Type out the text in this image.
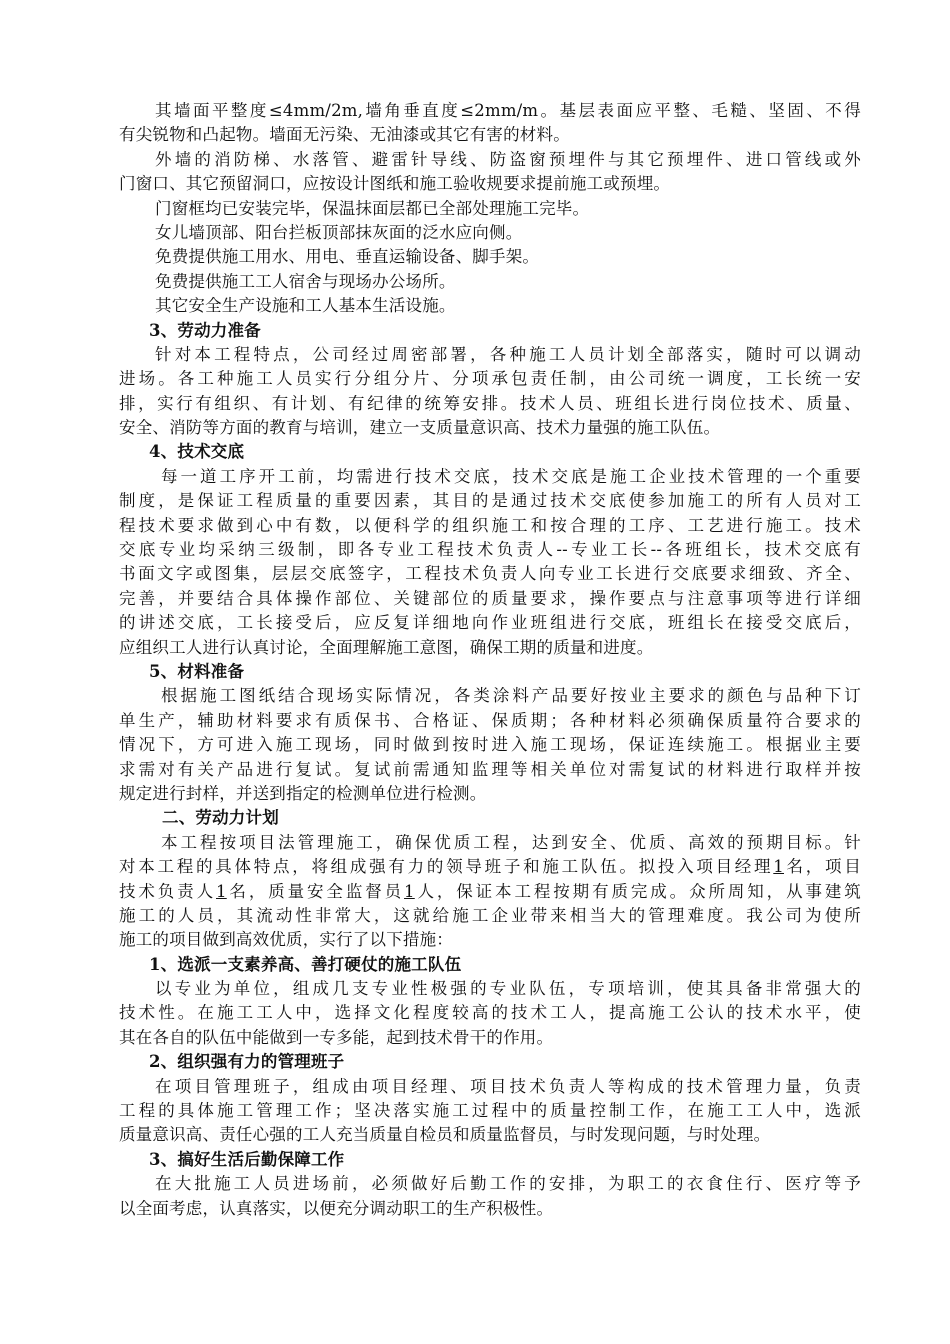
其墙面平整度≤4mm/2m,墙角垂直度≤2mm/m。基层表面应平整、毛糙、坚固、不得
有尖锐物和凸起物。墙面无污染、无油漆或其它有害的材料。
外墙的消防梯、水落管、避雷针导线、防盗窗预埋件与其它预埋件、进口管线或外
门窗口、其它预留洞口，应按设计图纸和施工验收规要求提前施工或预埋。
门窗框均已安装完毕，保温抹面层都已全部处理施工完毕。
女儿墙顶部、阳台拦板顶部抹灰面的泛水应向侧。
免费提供施工用水、用电、垂直运输设备、脚手架。
免费提供施工工人宿舍与现场办公场所。
其它安全生产设施和工人基本生活设施。
3、劳动力准备
针对本工程特点，公司经过周密部署，各种施工人员计划全部落实，随时可以调动
进场。各工种施工人员实行分组分片、分项承包责任制，由公司统一调度，工长统一安
排，实行有组织、有计划、有纪律的统筹安排。技术人员、班组长进行岗位技术、质量、
安全、消防等方面的教育与培训，建立一支质量意识高、技术力量强的施工队伍。
4、技术交底
每一道工序开工前，均需进行技术交底，技术交底是施工企业技术管理的一个重要
制度，是保证工程质量的重要因素，其目的是通过技术交底使参加施工的所有人员对工
程技术要求做到心中有数，以便科学的组织施工和按合理的工序、工艺进行施工。技术
交底专业均采纳三级制，即各专业工程技术负责人--专业工长--各班组长，技术交底有
书面文字或图集，层层交底签字，工程技术负责人向专业工长进行交底要求细致、齐全、
完善，并要结合具体操作部位、关键部位的质量要求，操作要点与注意事项等进行详细
的讲述交底，工长接受后，应反复详细地向作业班组进行交底，班组长在接受交底后，
应组织工人进行认真讨论，全面理解施工意图，确保工期的质量和进度。
5、材料准备
根据施工图纸结合现场实际情况，各类涂料产品要好按业主要求的颜色与品种下订
单生产，辅助材料要求有质保书、合格证、保质期；各种材料必须确保质量符合要求的
情况下，方可进入施工现场，同时做到按时进入施工现场，保证连续施工。根据业主要
求需对有关产品进行复试。复试前需通知监理等相关单位对需复试的材料进行取样并按
规定进行封样，并送到指定的检测单位进行检测。
二、劳动力计划
本工程按项目法管理施工，确保优质工程，达到安全、优质、高效的预期目标。针
对本工程的具体特点，将组成强有力的领导班子和施工队伍。拟投入项目经理1名，项目
技术负责人1名，质量安全监督员1人，保证本工程按期有质完成。众所周知，从事建筑
施工的人员，其流动性非常大，这就给施工企业带来相当大的管理难度。我公司为使所
施工的项目做到高效优质，实行了以下措施：
1、选派一支素养高、善打硬仗的施工队伍
以专业为单位，组成几支专业性极强的专业队伍，专项培训，使其具备非常强大的
技术性。在施工工人中，选择文化程度较高的技术工人，提高施工公认的技术水平，使
其在各自的队伍中能做到一专多能，起到技术骨干的作用。
2、组织强有力的管理班子
在项目管理班子，组成由项目经理、项目技术负责人等构成的技术管理力量，负责
工程的具体施工管理工作；坚决落实施工过程中的质量控制工作，在施工工人中，选派
质量意识高、责任心强的工人充当质量自检员和质量监督员，与时发现问题，与时处理。
3、搞好生活后勤保障工作
在大批施工人员进场前，必须做好后勤工作的安排，为职工的衣食住行、医疗等予
以全面考虑，认真落实，以便充分调动职工的生产积极性。
